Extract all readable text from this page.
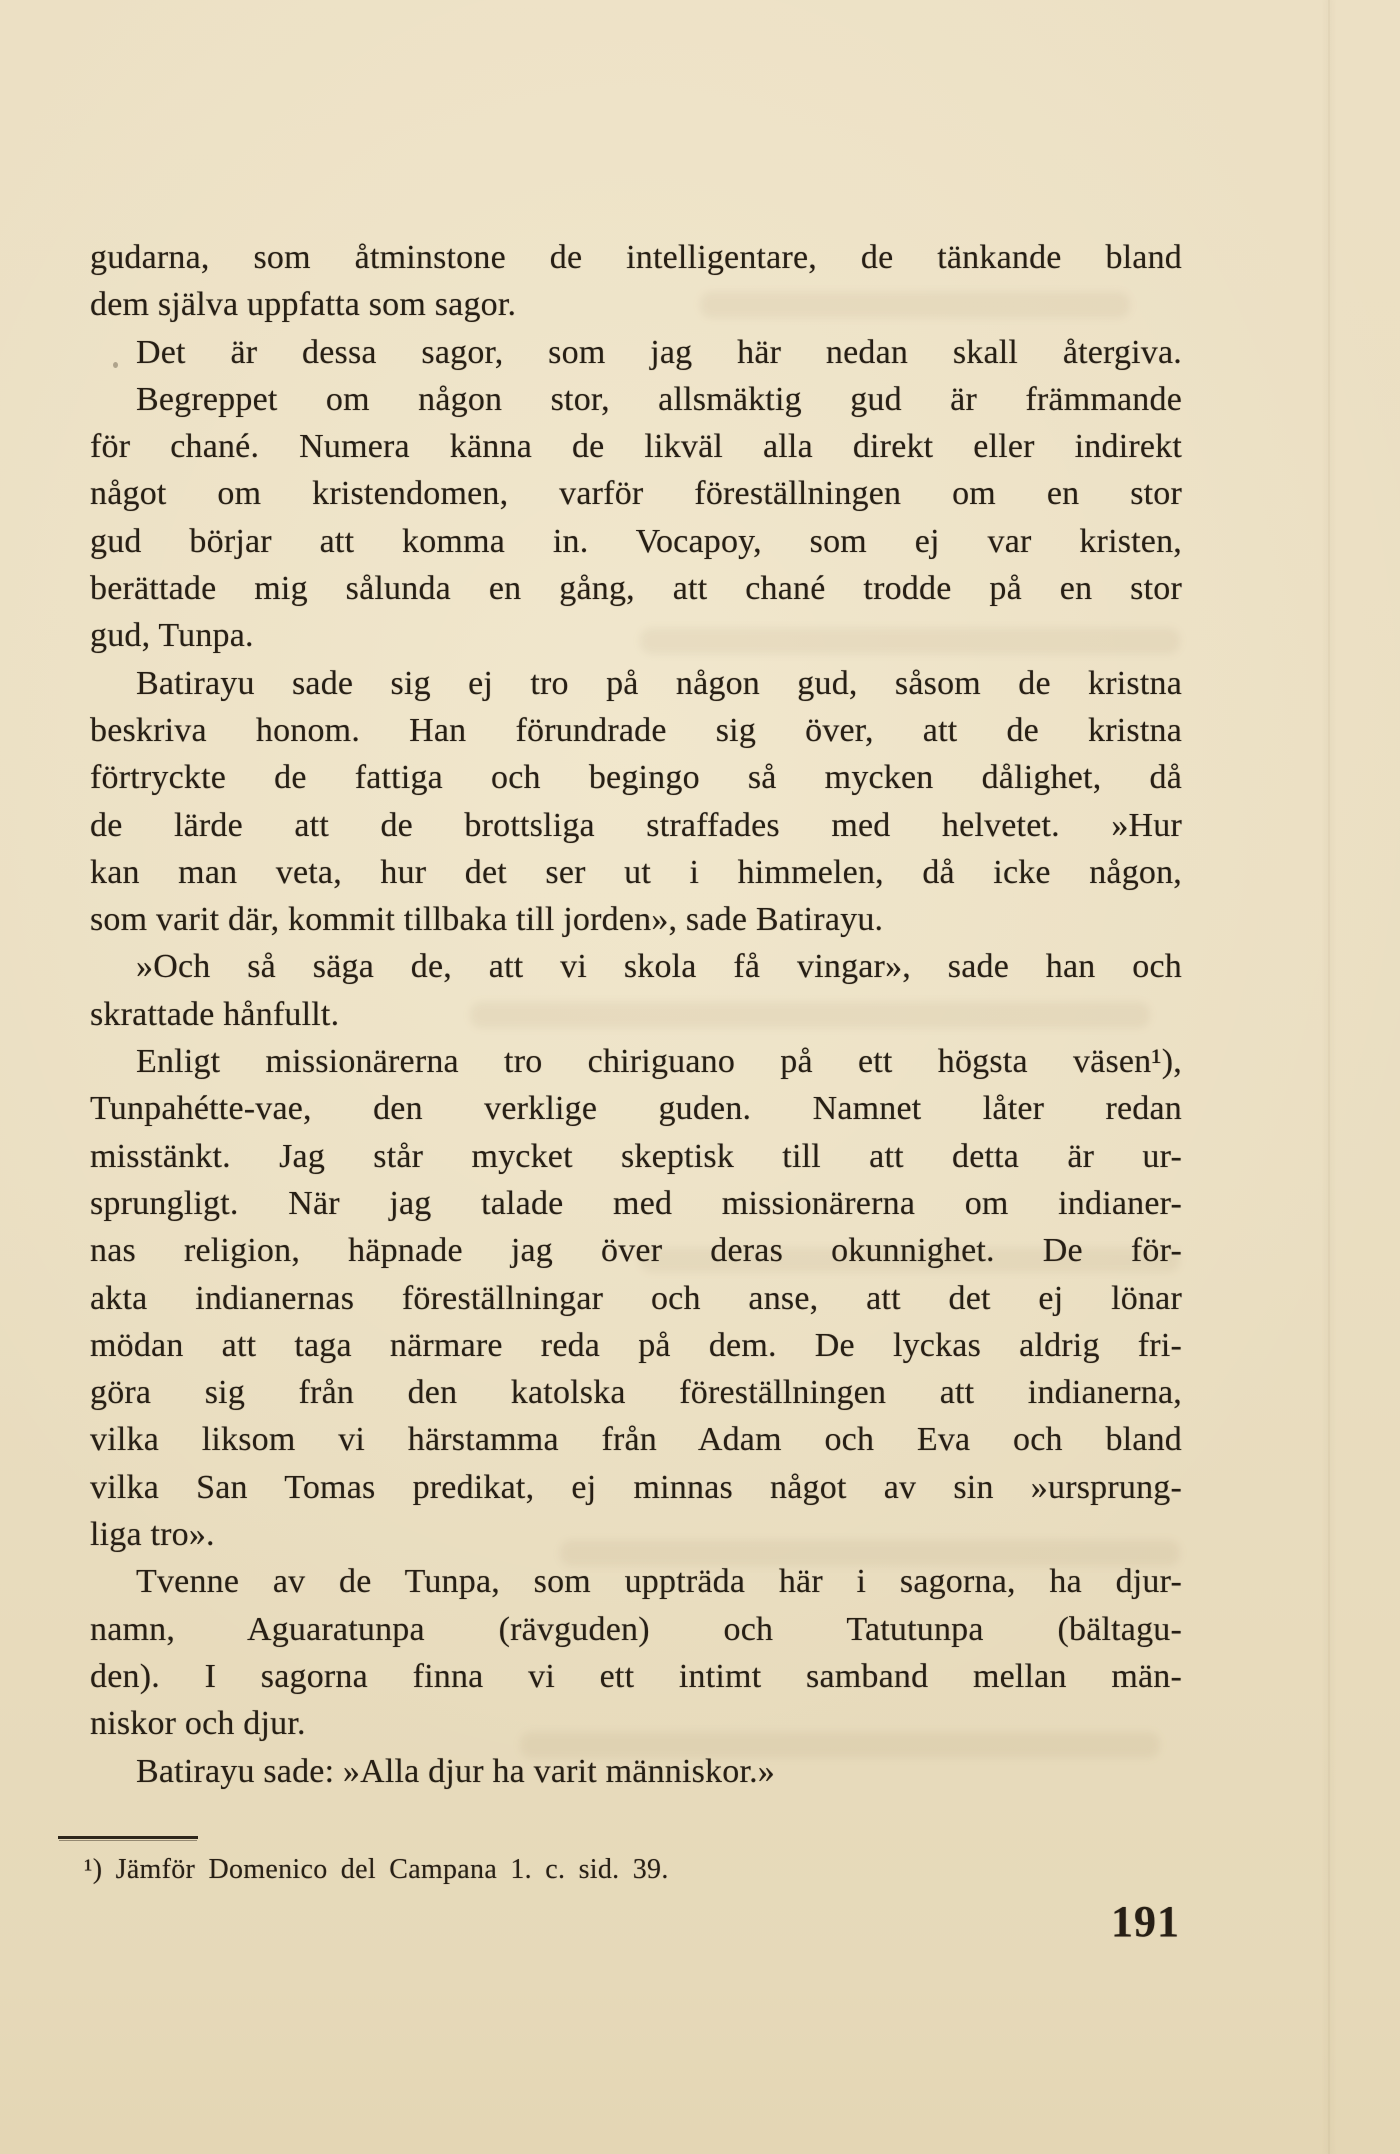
gudarna, som åtminstone de intelligentare, de tänkande bland
dem själva uppfatta som sagor.
Det är dessa sagor, som jag här nedan skall återgiva.
Begreppet om någon stor, allsmäktig gud är främmande
för chané. Numera känna de likväl alla direkt eller indirekt
något om kristendomen, varför föreställningen om en stor
gud börjar att komma in. Vocapoy, som ej var kristen,
berättade mig sålunda en gång, att chané trodde på en stor
gud, Tunpa.
Batirayu sade sig ej tro på någon gud, såsom de kristna
beskriva honom. Han förundrade sig över, att de kristna
förtryckte de fattiga och begingo så mycken dålighet, då
de lärde att de brottsliga straffades med helvetet. »Hur
kan man veta, hur det ser ut i himmelen, då icke någon,
som varit där, kommit tillbaka till jorden», sade Batirayu.
»Och så säga de, att vi skola få vingar», sade han och
skrattade hånfullt.
Enligt missionärerna tro chiriguano på ett högsta väsen¹),
Tunpahétte-vae, den verklige guden. Namnet låter redan
misstänkt. Jag står mycket skeptisk till att detta är ur-
sprungligt. När jag talade med missionärerna om indianer-
nas religion, häpnade jag över deras okunnighet. De för-
akta indianernas föreställningar och anse, att det ej lönar
mödan att taga närmare reda på dem. De lyckas aldrig fri-
göra sig från den katolska föreställningen att indianerna,
vilka liksom vi härstamma från Adam och Eva och bland
vilka San Tomas predikat, ej minnas något av sin »ursprung-
liga tro».
Tvenne av de Tunpa, som uppträda här i sagorna, ha djur-
namn, Aguaratunpa (rävguden) och Tatutunpa (bältagu-
den). I sagorna finna vi ett intimt samband mellan män-
niskor och djur.
Batirayu sade: »Alla djur ha varit människor.»
¹) Jämför Domenico del Campana 1. c. sid. 39.
191
